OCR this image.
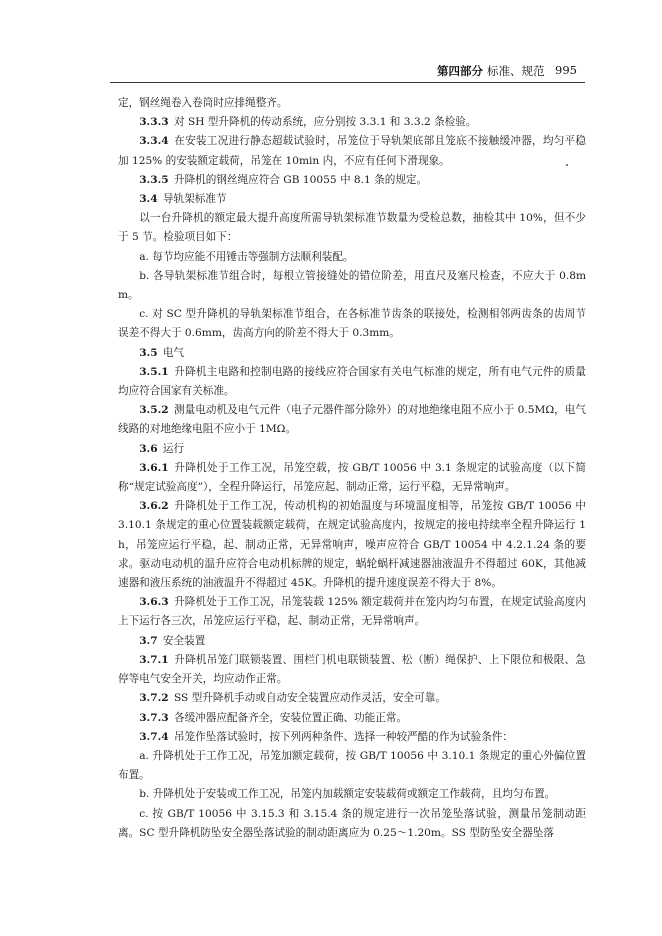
第四部分 标准、规范 995

定，钢丝绳卷入卷筒时应排绳整齐。

3.3.3  对 SH 型升降机的传动系统，应分别按 3.3.1 和 3.3.2 条检验。

3.3.4  在安装工况进行静态超载试验时，吊笼位于导轨架底部且笼底不接触缓冲器，均匀平稳加 125% 的安装额定载荷，吊笼在 10min 内，不应有任何下滑现象。

3.3.5  升降机的钢丝绳应符合 GB 10055 中 8.1 条的规定。

3.4  导轨架标准节

以一台升降机的额定最大提升高度所需导轨架标准节数量为受检总数，抽检其中 10%，但不少于 5 节。检验项目如下：

a. 每节均应能不用锤击等强制方法顺利装配。

b. 各导轨架标准节组合时，每根立管接缝处的错位阶差，用直尺及塞尺检查，不应大于 0.8mm。

c. 对 SC 型升降机的导轨架标准节组合，在各标准节齿条的联接处，检测相邻两齿条的齿周节误差不得大于 0.6mm，齿高方向的阶差不得大于 0.3mm。

3.5  电气

3.5.1  升降机主电路和控制电路的接线应符合国家有关电气标准的规定，所有电气元件的质量均应符合国家有关标准。

3.5.2  测量电动机及电气元件（电子元器件部分除外）的对地绝缘电阻不应小于 0.5MΩ，电气线路的对地绝缘电阻不应小于 1MΩ。

3.6  运行

3.6.1  升降机处于工作工况，吊笼空载，按 GB/T 10056 中 3.1 条规定的试验高度（以下简称“规定试验高度”），全程升降运行，吊笼应起、制动正常，运行平稳，无异常响声。

3.6.2  升降机处于工作工况，传动机构的初始温度与环境温度相等，吊笼按 GB/T 10056 中 3.10.1 条规定的重心位置装载额定载荷，在规定试验高度内，按规定的接电持续率全程升降运行 1h，吊笼应运行平稳，起、制动正常，无异常响声，噪声应符合 GB/T 10054 中 4.2.1.24 条的要求。驱动电动机的温升应符合电动机标牌的规定，蜗轮蜗杆减速器油液温升不得超过 60K，其他减速器和液压系统的油液温升不得超过 45K。升降机的提升速度误差不得大于 8%。

3.6.3  升降机处于工作工况，吊笼装载 125% 额定载荷并在笼内均匀布置，在规定试验高度内上下运行各三次，吊笼应运行平稳，起、制动正常，无异常响声。

3.7  安全装置

3.7.1  升降机吊笼门联锁装置、围栏门机电联锁装置、松（断）绳保护、上下限位和极限、急停等电气安全开关，均应动作正常。

3.7.2  SS 型升降机手动或自动安全装置应动作灵活，安全可靠。

3.7.3  各缓冲器应配备齐全，安装位置正确、功能正常。

3.7.4  吊笼作坠落试验时，按下列两种条件、选择一种较严酷的作为试验条件：

a. 升降机处于工作工况，吊笼加额定载荷，按 GB/T 10056 中 3.10.1 条规定的重心外偏位置布置。

b. 升降机处于安装或工作工况，吊笼内加载额定安装载荷或额定工作载荷，且均匀布置。

c. 按 GB/T 10056 中 3.15.3 和 3.15.4 条的规定进行一次吊笼坠落试验，测量吊笼制动距离。SC 型升降机防坠安全器坠落试验的制动距离应为 0.25～1.20m。SS 型防坠安全器坠落
